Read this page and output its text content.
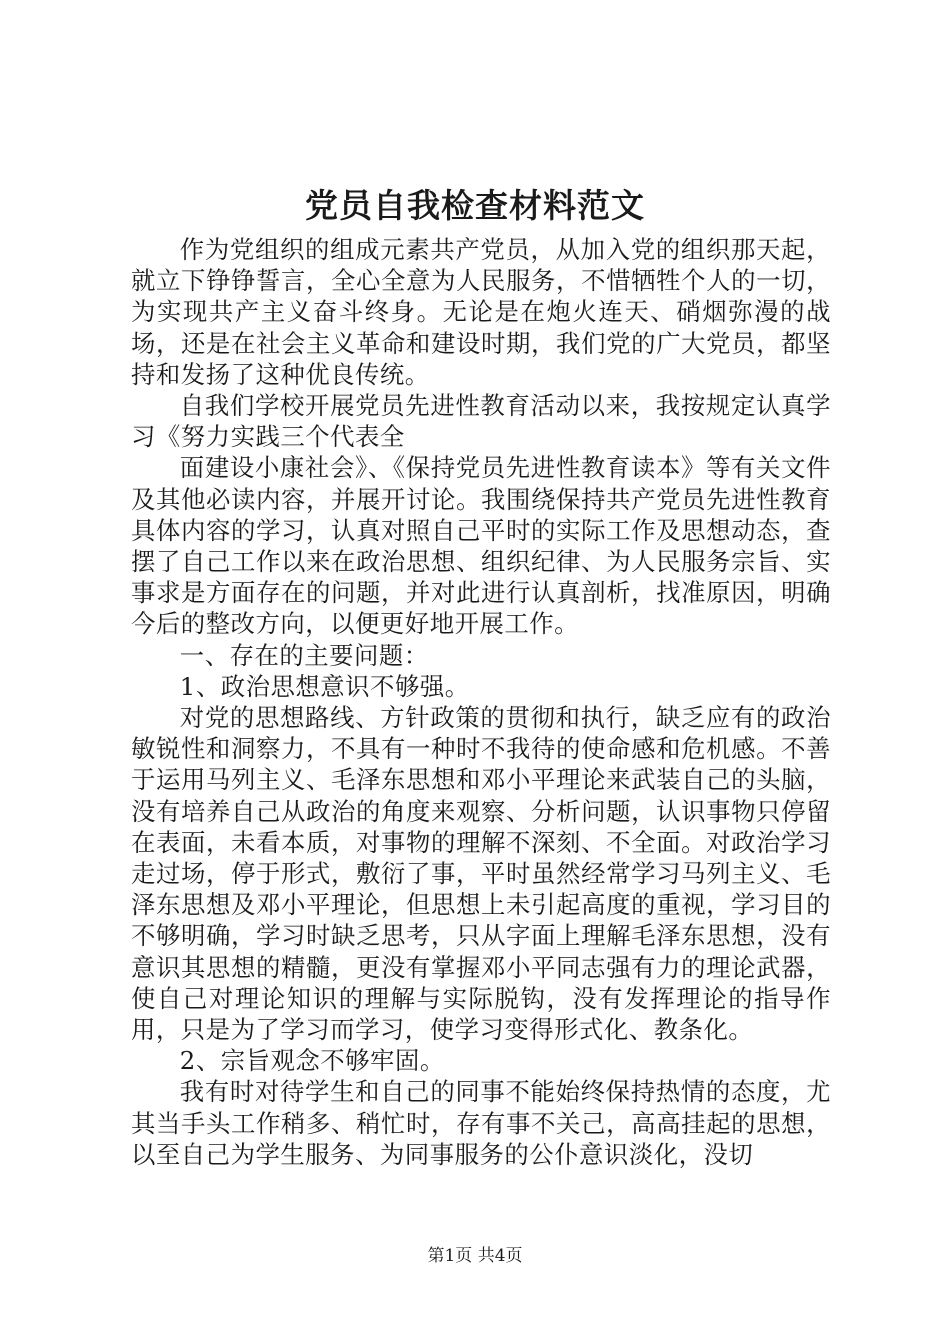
党员自我检查材料范文

作为党组织的组成元素共产党员，从加入党的组织那天起，就立下铮铮誓言，全心全意为人民服务，不惜牺牲个人的一切，为实现共产主义奋斗终身。无论是在炮火连天、硝烟弥漫的战场，还是在社会主义革命和建设时期，我们党的广大党员，都坚持和发扬了这种优良传统。

自我们学校开展党员先进性教育活动以来，我按规定认真学习《努力实践三个代表全

面建设小康社会》、《保持党员先进性教育读本》等有关文件及其他必读内容，并展开讨论。我围绕保持共产党员先进性教育具体内容的学习，认真对照自己平时的实际工作及思想动态，查摆了自己工作以来在政治思想、组织纪律、为人民服务宗旨、实事求是方面存在的问题，并对此进行认真剖析，找准原因，明确今后的整改方向，以便更好地开展工作。

一、存在的主要问题：

1、政治思想意识不够强。

对党的思想路线、方针政策的贯彻和执行，缺乏应有的政治敏锐性和洞察力，不具有一种时不我待的使命感和危机感。不善于运用马列主义、毛泽东思想和邓小平理论来武装自己的头脑，没有培养自己从政治的角度来观察、分析问题，认识事物只停留在表面，未看本质，对事物的理解不深刻、不全面。对政治学习走过场，停于形式，敷衍了事，平时虽然经常学习马列主义、毛泽东思想及邓小平理论，但思想上未引起高度的重视，学习目的不够明确，学习时缺乏思考，只从字面上理解毛泽东思想，没有意识其思想的精髓，更没有掌握邓小平同志强有力的理论武器，使自己对理论知识的理解与实际脱钩，没有发挥理论的指导作用，只是为了学习而学习，使学习变得形式化、教条化。

2、宗旨观念不够牢固。

我有时对待学生和自己的同事不能始终保持热情的态度，尤其当手头工作稍多、稍忙时，存有事不关己，高高挂起的思想，以至自己为学生服务、为同事服务的公仆意识淡化，没切

第1页 共4页
